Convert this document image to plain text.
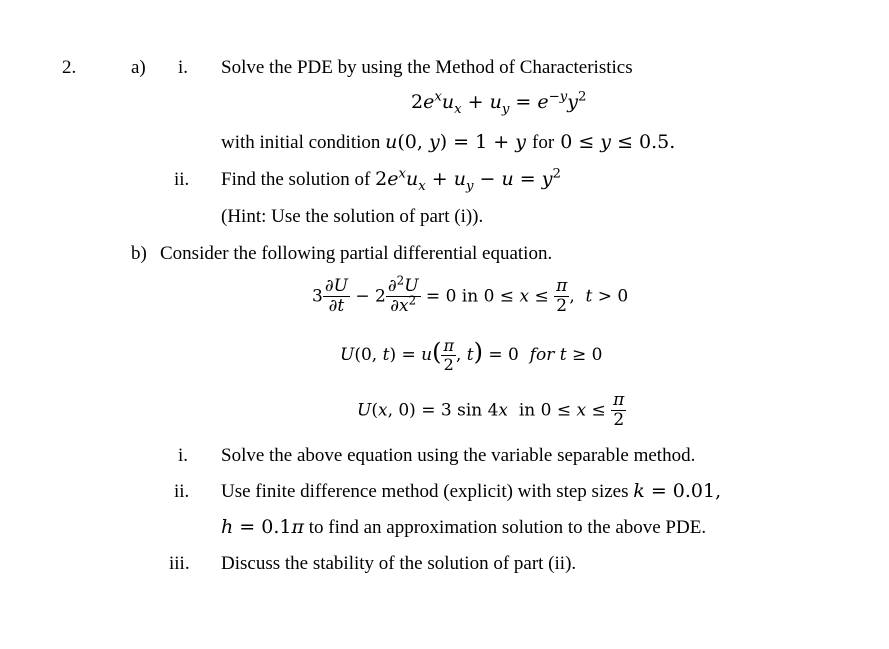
2.	a) i. Solve the PDE by using the Method of Characteristics
$2e^xu_x + u_y = e^{-y}y^2$
with initial condition u(0, y) = 1 + y for 0 ≤ y ≤ 0.5.
ii. Find the solution of $2e^xu_x + u_y - u = y^2$
(Hint: Use the solution of part (i)).
b) Consider the following partial differential equation.
$3 \frac{\partial U}{\partial t} - 2 \frac{\partial^2U}{\partial x^2} = 0$ in $0 \le x \le \frac{\pi}{2}$ ,  t > 0
U(0, $t) = u( \frac{\pi}{2}$ , t) = 0  for t ≥ 0
U(x, 0) = 3 sin 4x  in $0 \le x \le \frac{\pi}{2}$
i. Solve the above equation using the variable separable method.
ii. Use finite difference method (explicit) with step sizes k = 0.01,
h = 0.1π to find an approximation solution to the above PDE.
iii. Discuss the stability of the solution of part (ii).
